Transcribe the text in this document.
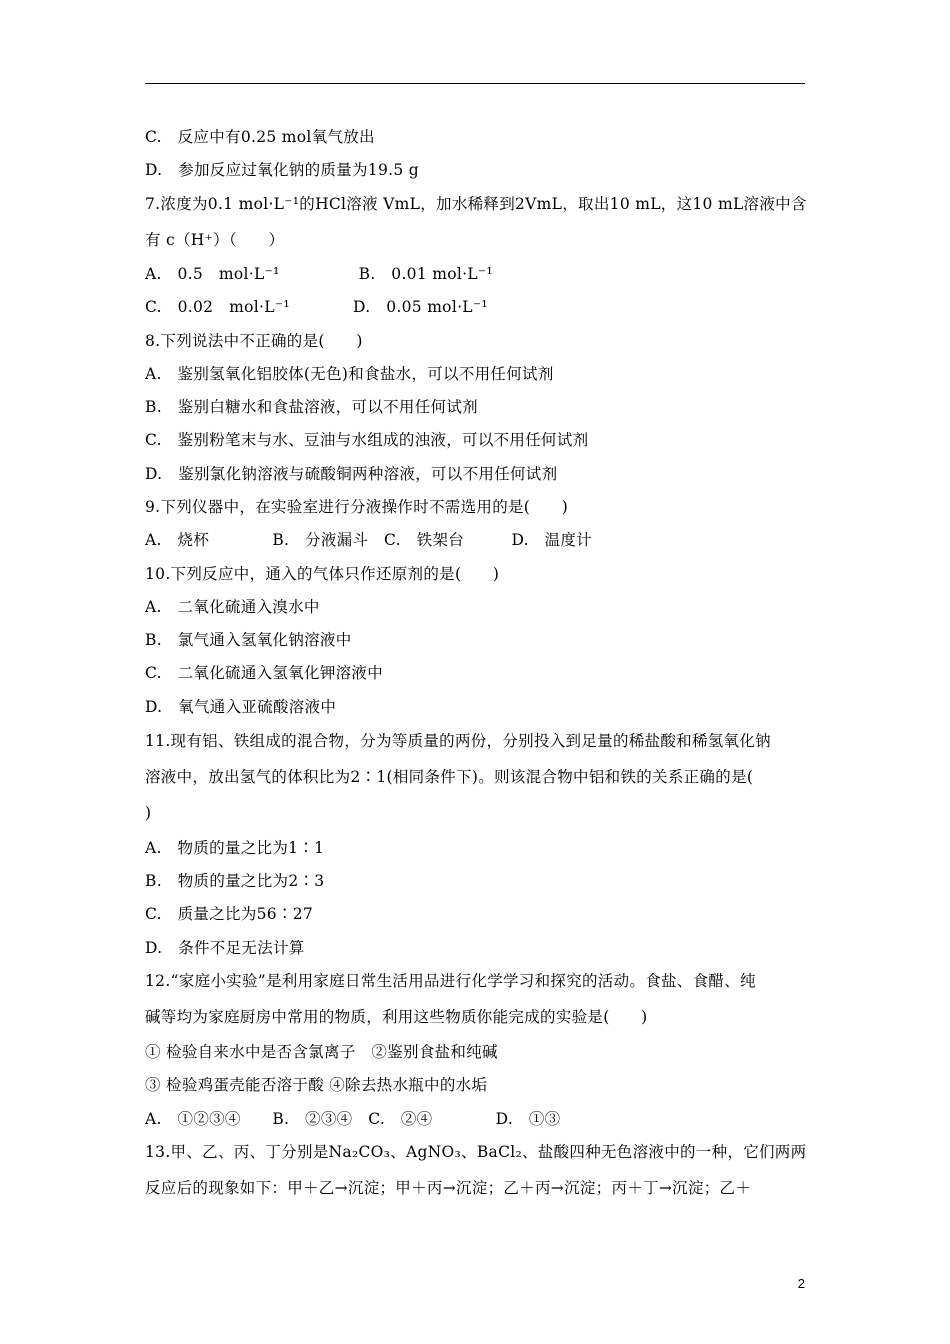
C.　反应中有0.25 mol氧气放出
D.　参加反应过氧化钠的质量为19.5 g
7.浓度为0.1 mol·L⁻¹的HCl溶液 VmL，加水稀释到2VmL，取出10 mL，这10 mL溶液中含
有 c（H⁺）（　　）
A.　0.5　mol·L⁻¹　　　　　B.　0.01 mol·L⁻¹
C.　0.02　mol·L⁻¹　　　　D.　0.05 mol·L⁻¹
8.下列说法中不正确的是(　　)
A.　鉴别氢氧化铝胶体(无色)和食盐水，可以不用任何试剂
B.　鉴别白糖水和食盐溶液，可以不用任何试剂
C.　鉴别粉笔末与水、豆油与水组成的浊液，可以不用任何试剂
D.　鉴别氯化钠溶液与硫酸铜两种溶液，可以不用任何试剂
9.下列仪器中，在实验室进行分液操作时不需选用的是(　　)
A.　烧杯　　　　B.　分液漏斗　C.　铁架台　　　D.　温度计
10.下列反应中，通入的气体只作还原剂的是(　　)
A.　二氧化硫通入溴水中
B.　氯气通入氢氧化钠溶液中
C.　二氧化硫通入氢氧化钾溶液中
D.　氧气通入亚硫酸溶液中
11.现有铝、铁组成的混合物，分为等质量的两份，分别投入到足量的稀盐酸和稀氢氧化钠
溶液中，放出氢气的体积比为2∶1(相同条件下)。则该混合物中铝和铁的关系正确的是(
)
A.　物质的量之比为1∶1
B.　物质的量之比为2∶3
C.　质量之比为56∶27
D.　条件不足无法计算
12.“家庭小实验”是利用家庭日常生活用品进行化学学习和探究的活动。食盐、食醋、纯
碱等均为家庭厨房中常用的物质，利用这些物质你能完成的实验是(　　)
① 检验自来水中是否含氯离子　②鉴别食盐和纯碱
③ 检验鸡蛋壳能否溶于酸 ④除去热水瓶中的水垢
A.　①②③④　　B.　②③④　C.　②④　　　　D.　①③
13.甲、乙、丙、丁分别是Na₂CO₃、AgNO₃、BaCl₂、盐酸四种无色溶液中的一种，它们两两
反应后的现象如下：甲＋乙→沉淀；甲＋丙→沉淀；乙＋丙→沉淀；丙＋丁→沉淀；乙＋
2
